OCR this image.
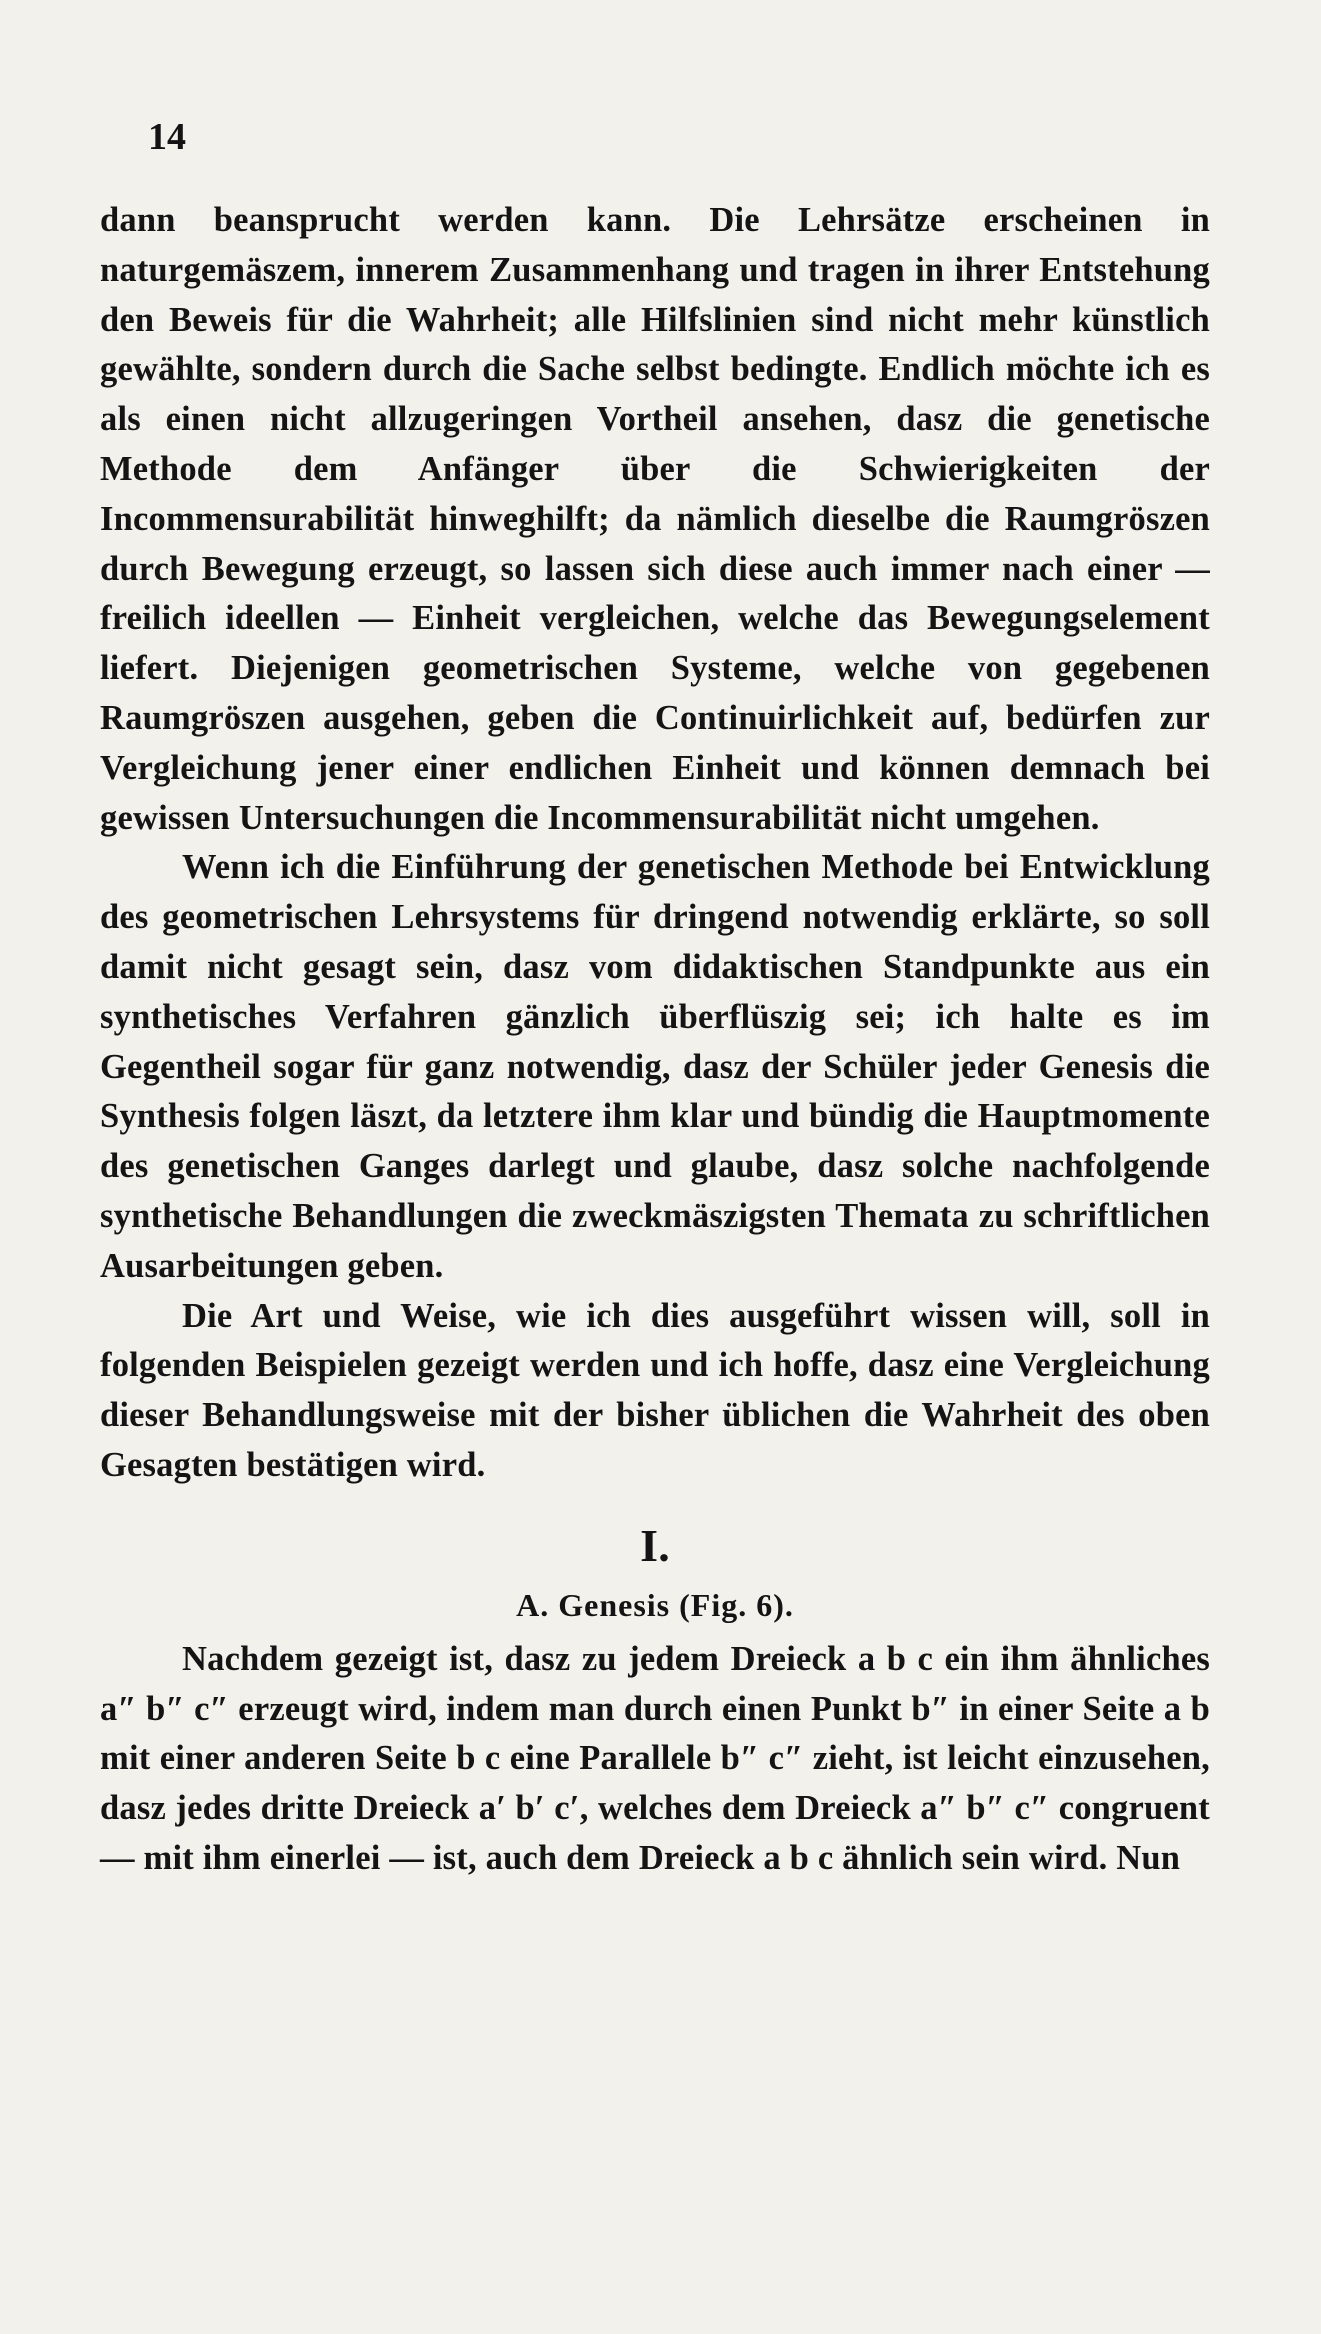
14

dann beansprucht werden kann. Die Lehrsätze erscheinen in naturgemäszem, innerem Zusammenhang und tragen in ihrer Entstehung den Beweis für die Wahrheit; alle Hilfslinien sind nicht mehr künstlich gewählte, sondern durch die Sache selbst bedingte. Endlich möchte ich es als einen nicht allzugeringen Vortheil ansehen, dasz die genetische Methode dem Anfänger über die Schwierigkeiten der Incommensurabilität hinweghilft; da nämlich dieselbe die Raumgröszen durch Bewegung erzeugt, so lassen sich diese auch immer nach einer — freilich ideellen — Einheit vergleichen, welche das Bewegungselement liefert. Diejenigen geometrischen Systeme, welche von gegebenen Raumgröszen ausgehen, geben die Continuirlichkeit auf, bedürfen zur Vergleichung jener einer endlichen Einheit und können demnach bei gewissen Untersuchungen die Incommensurabilität nicht umgehen.

Wenn ich die Einführung der genetischen Methode bei Entwicklung des geometrischen Lehrsystems für dringend notwendig erklärte, so soll damit nicht gesagt sein, dasz vom didaktischen Standpunkte aus ein synthetisches Verfahren gänzlich überflüszig sei; ich halte es im Gegentheil sogar für ganz notwendig, dasz der Schüler jeder Genesis die Synthesis folgen läszt, da letztere ihm klar und bündig die Hauptmomente des genetischen Ganges darlegt und glaube, dasz solche nachfolgende synthetische Behandlungen die zweckmäszigsten Themata zu schriftlichen Ausarbeitungen geben.

Die Art und Weise, wie ich dies ausgeführt wissen will, soll in folgenden Beispielen gezeigt werden und ich hoffe, dasz eine Vergleichung dieser Behandlungsweise mit der bisher üblichen die Wahrheit des oben Gesagten bestätigen wird.

I.
A. Genesis (Fig. 6).

Nachdem gezeigt ist, dasz zu jedem Dreieck a b c ein ihm ähnliches a″ b″ c″ erzeugt wird, indem man durch einen Punkt b″ in einer Seite a b mit einer anderen Seite b c eine Parallele b″ c″ zieht, ist leicht einzusehen, dasz jedes dritte Dreieck a′ b′ c′, welches dem Dreieck a″ b″ c″ congruent — mit ihm einerlei — ist, auch dem Dreieck a b c ähnlich sein wird. Nun
